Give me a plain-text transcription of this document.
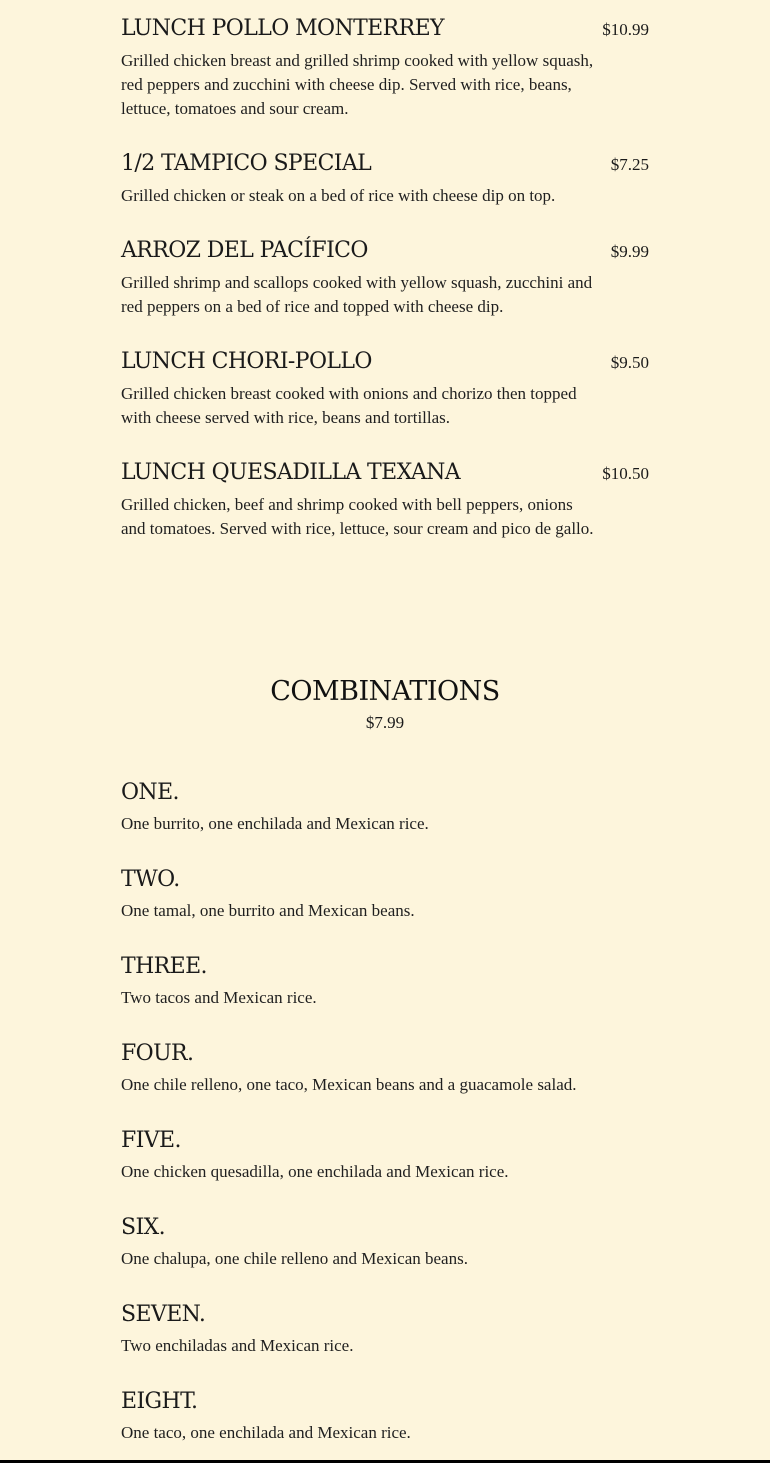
LUNCH POLLO MONTERREY	$10.99
Grilled chicken breast and grilled shrimp cooked with yellow squash, red peppers and zucchini with cheese dip. Served with rice, beans, lettuce, tomatoes and sour cream.
1/2 TAMPICO SPECIAL	$7.25
Grilled chicken or steak on a bed of rice with cheese dip on top.
ARROZ DEL PACÍFICO	$9.99
Grilled shrimp and scallops cooked with yellow squash, zucchini and red peppers on a bed of rice and topped with cheese dip.
LUNCH CHORI-POLLO	$9.50
Grilled chicken breast cooked with onions and chorizo then topped with cheese served with rice, beans and tortillas.
LUNCH QUESADILLA TEXANA	$10.50
Grilled chicken, beef and shrimp cooked with bell peppers, onions and tomatoes. Served with rice, lettuce, sour cream and pico de gallo.
COMBINATIONS
$7.99
ONE.
One burrito, one enchilada and Mexican rice.
TWO.
One tamal, one burrito and Mexican beans.
THREE.
Two tacos and Mexican rice.
FOUR.
One chile relleno, one taco, Mexican beans and a guacamole salad.
FIVE.
One chicken quesadilla, one enchilada and Mexican rice.
SIX.
One chalupa, one chile relleno and Mexican beans.
SEVEN.
Two enchiladas and Mexican rice.
EIGHT.
One taco, one enchilada and Mexican rice.
